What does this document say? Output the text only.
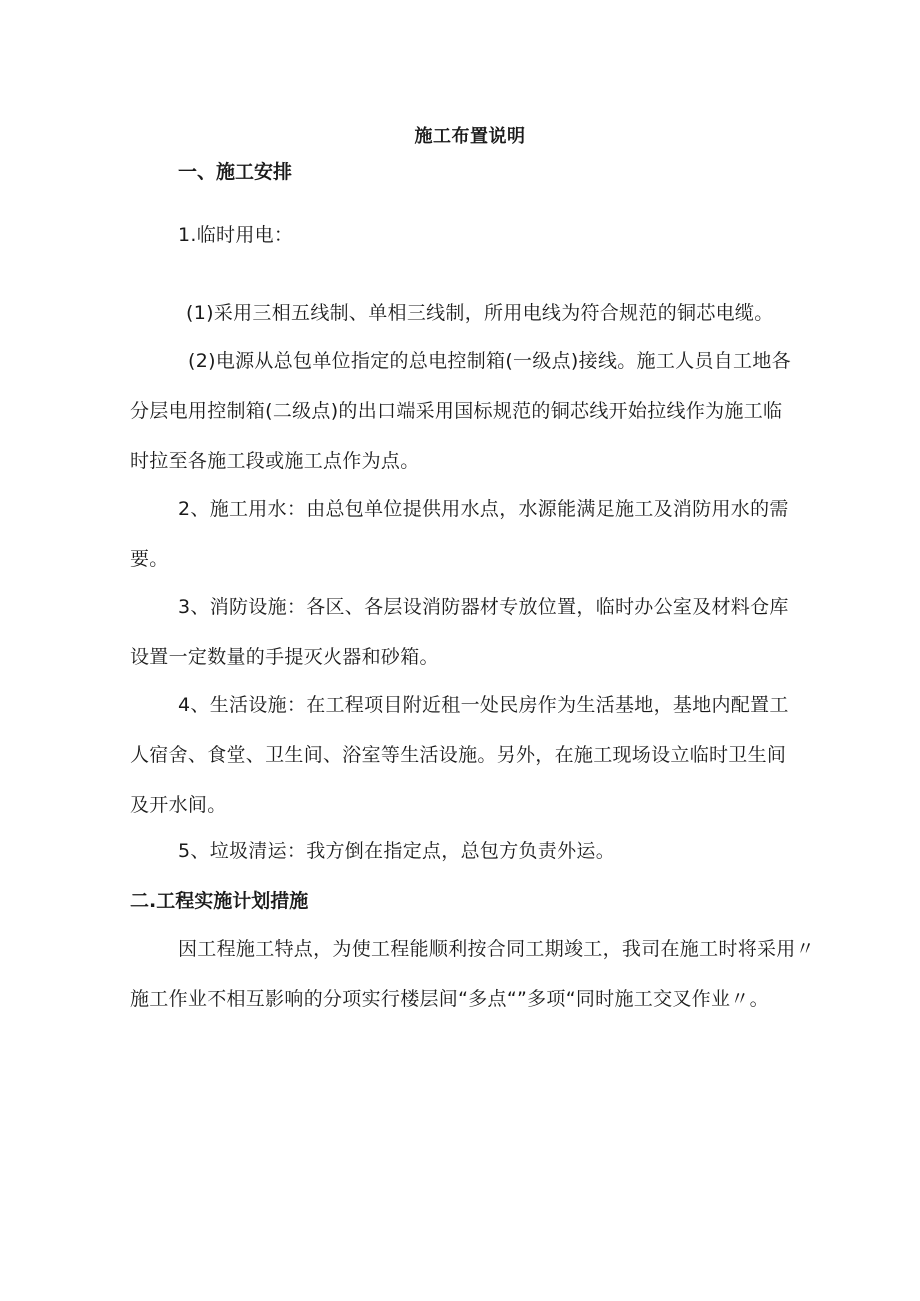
施工布置说明
一、施工安排
1.临时用电：
(1)采用三相五线制、单相三线制，所用电线为符合规范的铜芯电缆。
(2)电源从总包单位指定的总电控制箱(一级点)接线。施工人员自工地各
分层电用控制箱(二级点)的出口端采用国标规范的铜芯线开始拉线作为施工临
时拉至各施工段或施工点作为点。
2、施工用水：由总包单位提供用水点，水源能满足施工及消防用水的需
要。
3、消防设施：各区、各层设消防器材专放位置，临时办公室及材料仓库
设置一定数量的手提灭火器和砂箱。
4、生活设施：在工程项目附近租一处民房作为生活基地，基地内配置工
人宿舍、食堂、卫生间、浴室等生活设施。另外，在施工现场设立临时卫生间
及开水间。
5、垃圾清运：我方倒在指定点，总包方负责外运。
二.工程实施计划措施
因工程施工特点，为使工程能顺利按合同工期竣工，我司在施工时将采用〃
施工作业不相互影响的分项实行楼层间“多点“”多项“同时施工交叉作业〃。
